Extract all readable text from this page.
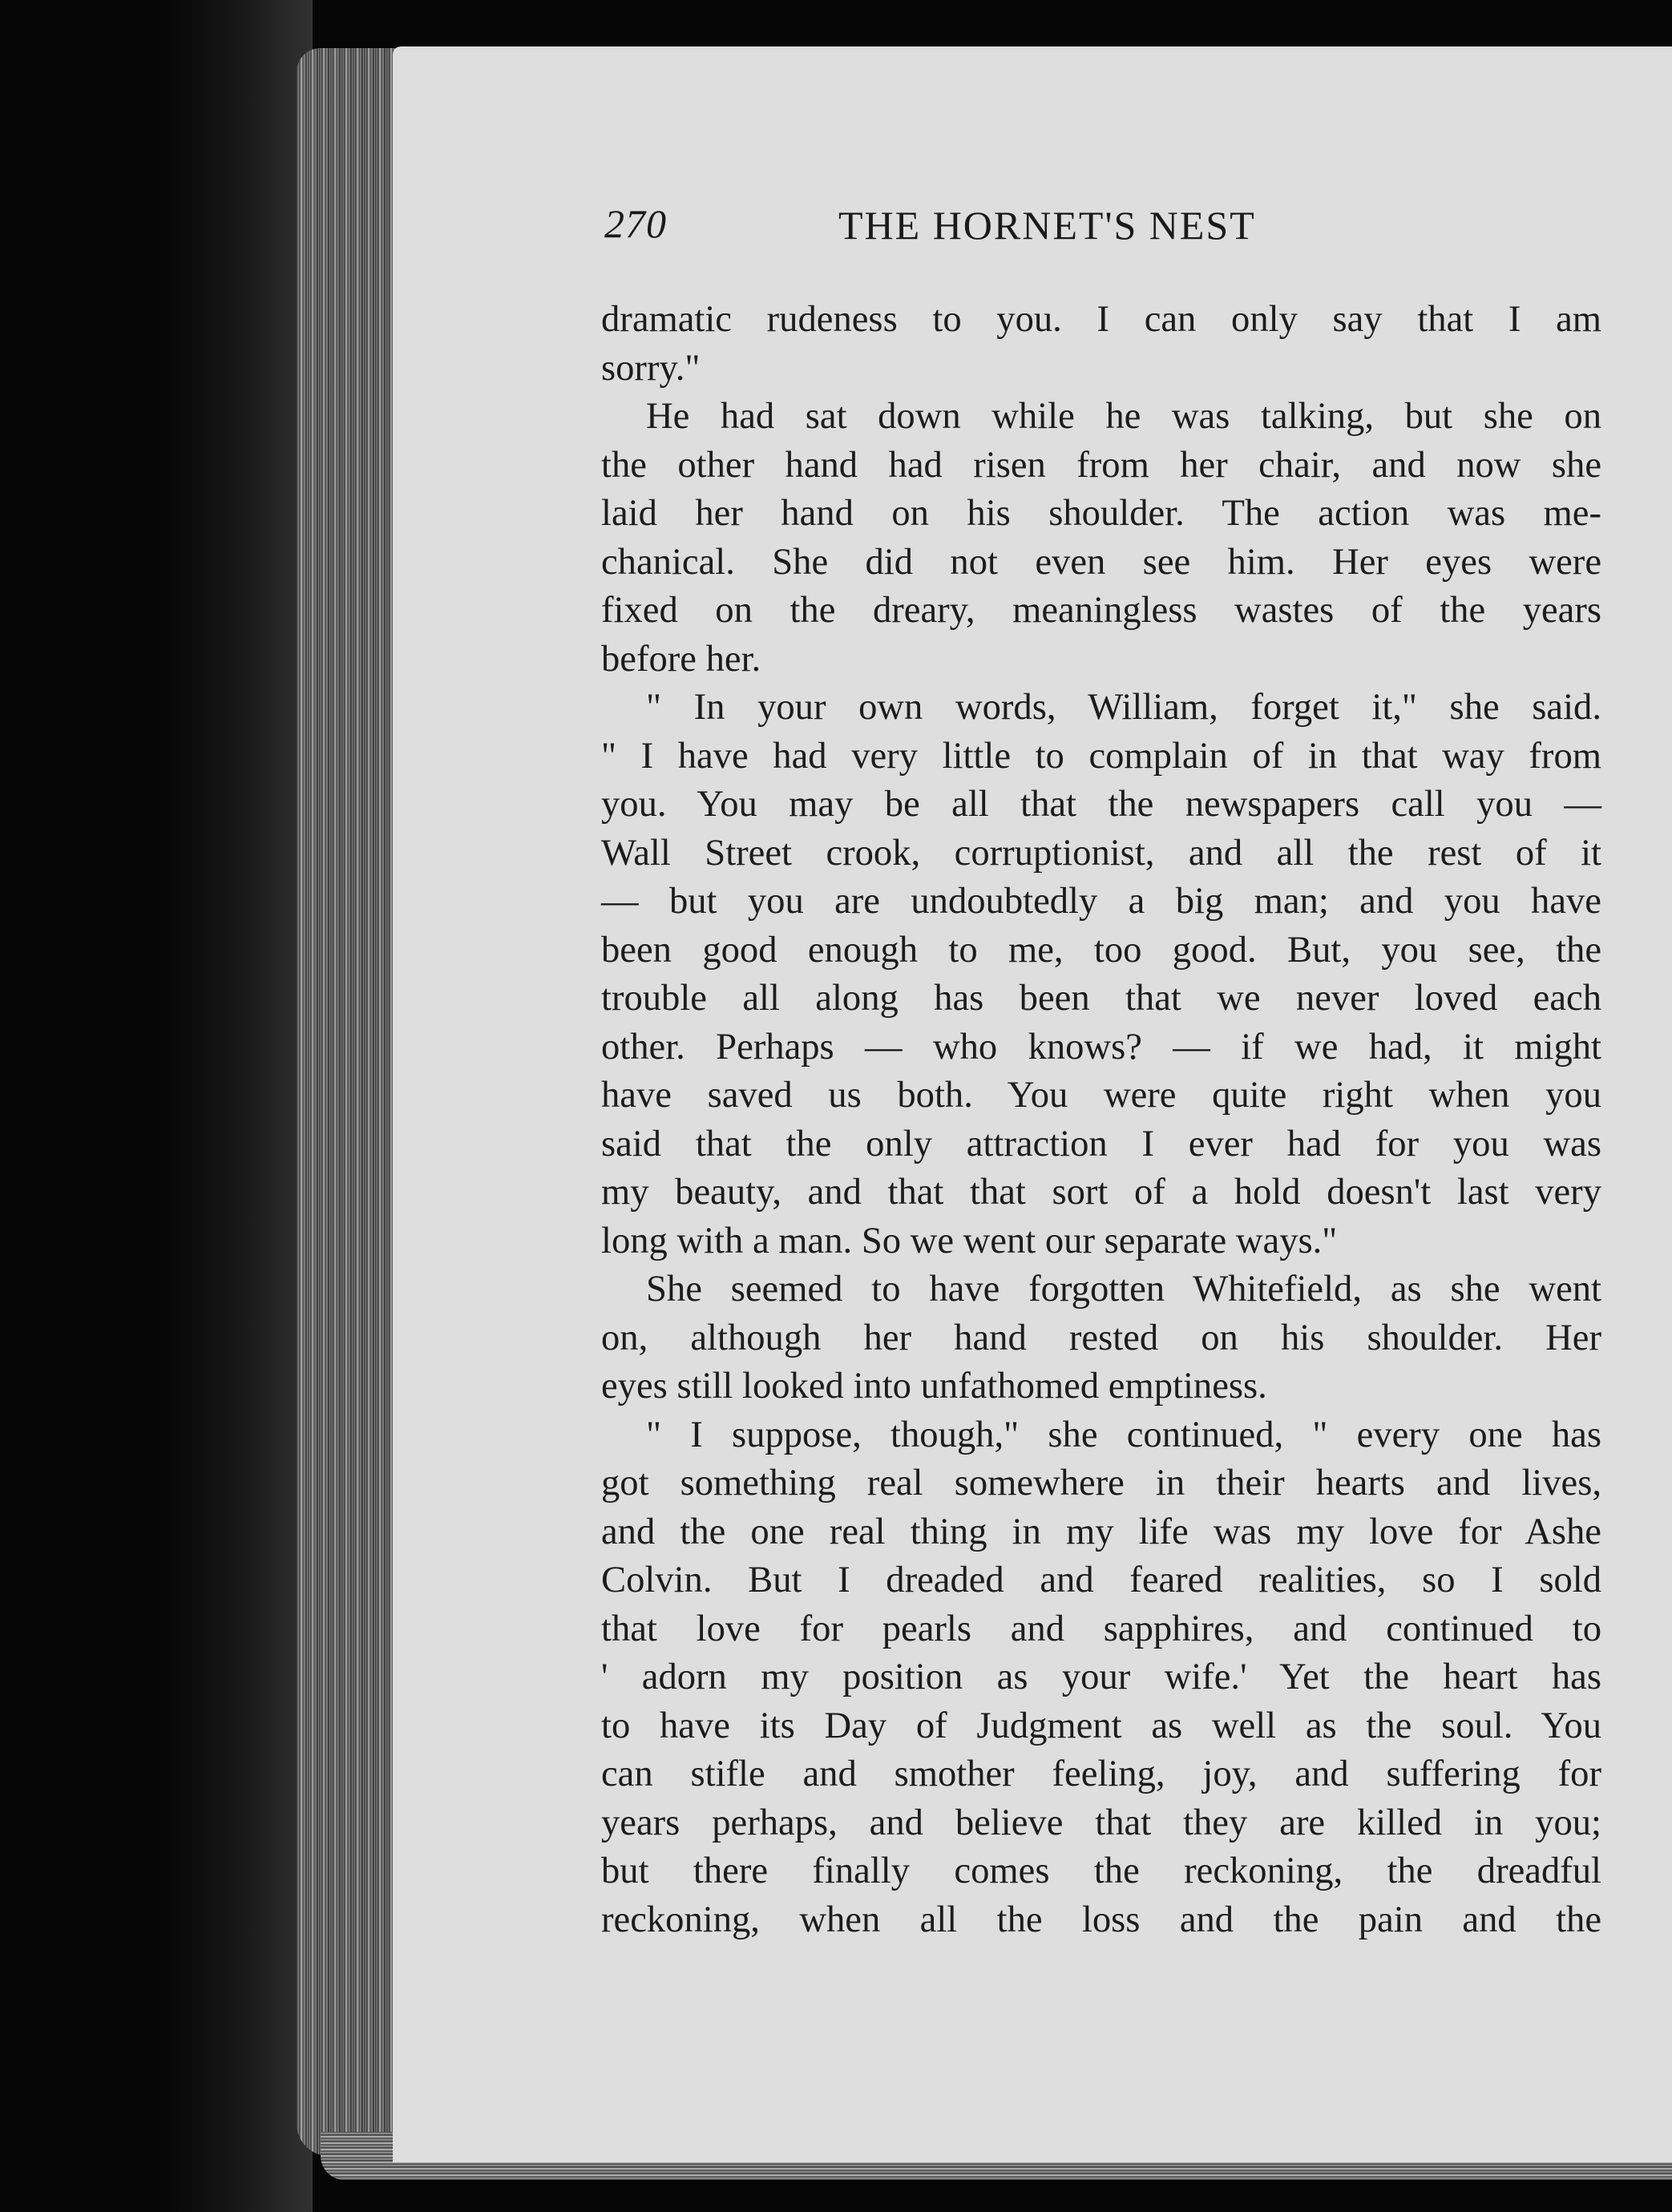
270	THE HORNET'S NEST
dramatic rudeness to you. I can only say that I am
sorry."
He had sat down while he was talking, but she on
the other hand had risen from her chair, and now she
laid her hand on his shoulder. The action was me-
chanical. She did not even see him. Her eyes were
fixed on the dreary, meaningless wastes of the years
before her.
" In your own words, William, forget it," she said.
" I have had very little to complain of in that way from
you. You may be all that the newspapers call you —
Wall Street crook, corruptionist, and all the rest of it
— but you are undoubtedly a big man; and you have
been good enough to me, too good. But, you see, the
trouble all along has been that we never loved each
other. Perhaps — who knows? — if we had, it might
have saved us both. You were quite right when you
said that the only attraction I ever had for you was
my beauty, and that that sort of a hold doesn't last very
long with a man. So we went our separate ways."
She seemed to have forgotten Whitefield, as she went
on, although her hand rested on his shoulder. Her
eyes still looked into unfathomed emptiness.
" I suppose, though," she continued, " every one has
got something real somewhere in their hearts and lives,
and the one real thing in my life was my love for Ashe
Colvin. But I dreaded and feared realities, so I sold
that love for pearls and sapphires, and continued to
' adorn my position as your wife.' Yet the heart has
to have its Day of Judgment as well as the soul. You
can stifle and smother feeling, joy, and suffering for
years perhaps, and believe that they are killed in you;
but there finally comes the reckoning, the dreadful
reckoning, when all the loss and the pain and the
